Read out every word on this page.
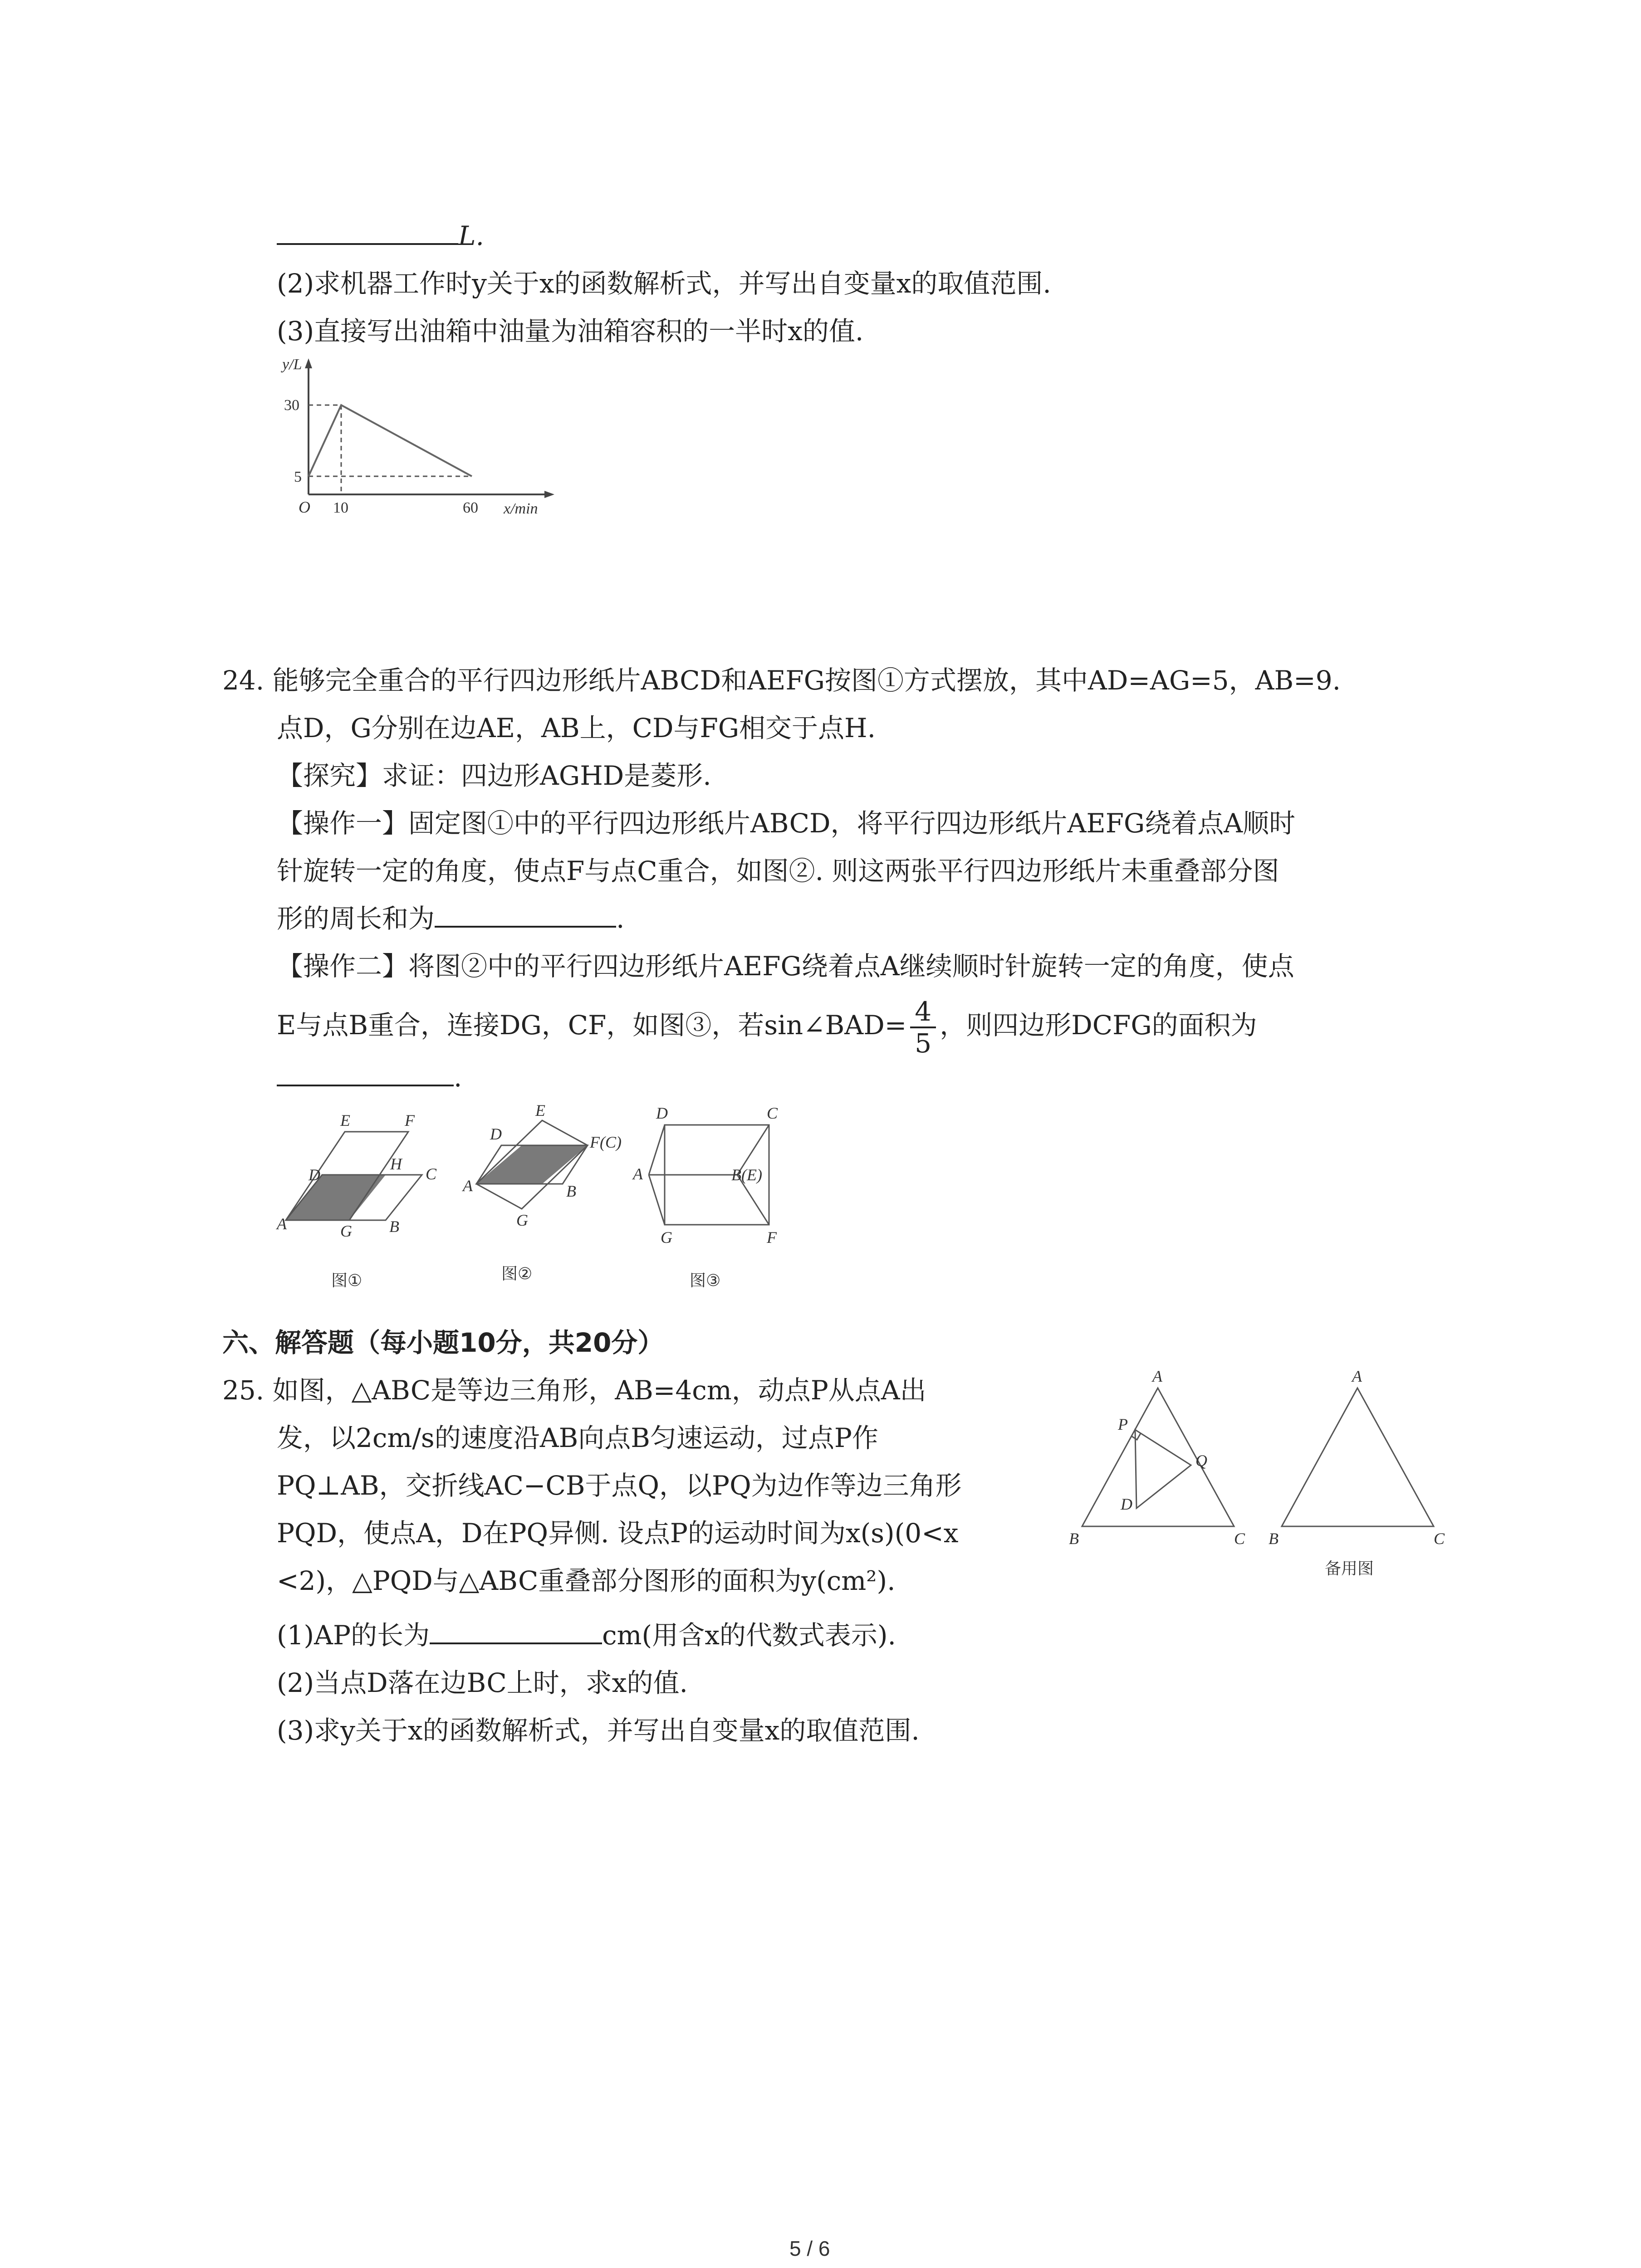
L.
(2)求机器工作时y关于x的函数解析式，并写出自变量x的取值范围.
(3)直接写出油箱中油量为油箱容积的一半时x的值.
y/L
x/min
O
30
5
10	60
24. 能够完全重合的平行四边形纸片ABCD和AEFG按图①方式摆放，其中AD=AG=5，AB=9.
点D，G分别在边AE，AB上，CD与FG相交于点H.
【探究】求证：四边形AGHD是菱形.
【操作一】固定图①中的平行四边形纸片ABCD，将平行四边形纸片AEFG绕着点A顺时
针旋转一定的角度，使点F与点C重合，如图②. 则这两张平行四边形纸片未重叠部分图
形的周长和为	.
【操作二】将图②中的平行四边形纸片AEFG绕着点A继续顺时针旋转一定的角度，使点
E与点B重合，连接DG，CF，如图③，若sin∠BAD= $\frac{4}{5}$ ，则四边形DCFG的面积为
.
A	G B
C
D
H
E	F
图①
A
D
E
F(C)
G
B
图②
D	C
A	B(E)
G	F
图③
六、解答题（每小题10分，共20分）
25. 如图，△ABC是等边三角形，AB=4cm，动点P从点A出
发，以2cm/s的速度沿AB向点B匀速运动，过点P作
PQ⊥AB，交折线AC−CB于点Q，以PQ为边作等边三角形
PQD，使点A，D在PQ异侧. 设点P的运动时间为x(s)(0<x
<2)，△PQD与△ABC重叠部分图形的面积为y(cm²).
(1)AP的长为	cm(用含x的代数式表示).
(2)当点D落在边BC上时，求x的值.
(3)求y关于x的函数解析式，并写出自变量x的取值范围.
A
P
Q
D
B	C
A
B	C
备用图
5 / 6
